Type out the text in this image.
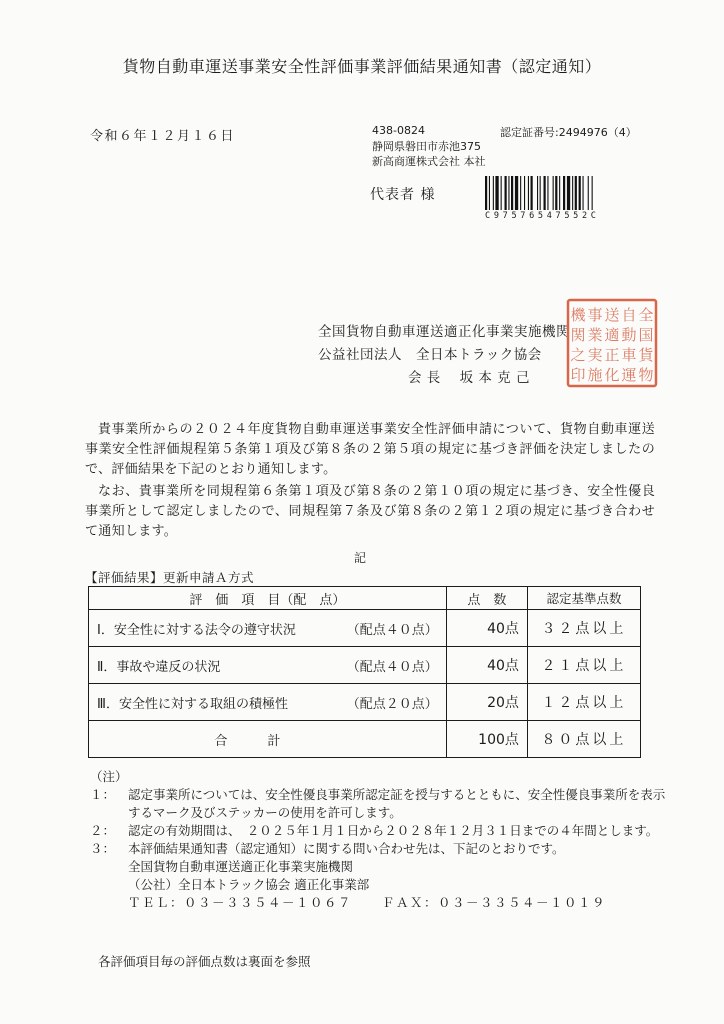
貨物自動車運送事業安全性評価事業評価結果通知書（認定通知）
令和６年１２月１６日	438-0824	認定証番号:2494976（4）
静岡県磐田市赤池375
新高商運株式会社 本社
代表者 様
C97576547552C
全国貨物自動車運送適正化事業実施機関
公益社団法人　全日本トラック協会
会 長　 坂 本 克 己
全
国
貨
物
自
動
車
運
送
適
正
化
事
業
実
施
機
関
之
印
貴事業所からの２０２４年度貨物自動車運送事業安全性評価申請について、貨物自動車運送事業安全性評価規程第５条第１項及び第８条の２第５項の規定に基づき評価を決定しましたので、評価結果を下記のとおり通知します。
なお、貴事業所を同規程第６条第１項及び第８条の２第１０項の規定に基づき、安全性優良事業所として認定しましたので、同規程第７条及び第８条の２第１２項の規定に基づき合わせて通知します。
記
【評価結果】更新申請Ａ方式
評　価　項　目（配　点）	点　数	認定基準点数

Ⅰ．安全性に対する法令の遵守状況 （配点４０点）	40点	３２点以上

Ⅱ．事故や違反の状況 （配点４０点）	40点	２１点以上

Ⅲ．安全性に対する取組の積極性 （配点２０点）	20点	１２点以上
合計	100点	８０点以上
（注）
１：	認定事業所については、安全性優良事業所認定証を授与するとともに、安全性優良事業所を表示するマーク及びステッカーの使用を許可します。
２：	認定の有効期間は、　２０２５年１月１日から２０２８年１２月３１日までの４年間とします。
３：	本評価結果通知書（認定通知）に関する問い合わせ先は、下記のとおりです。
全国貨物自動車運送適正化事業実施機関
（公社）全日本トラック協会 適正化事業部
ＴＥＬ：０３－３３５４－１０６７ ＦＡＸ：０３－３３５４－１０１９
各評価項目毎の評価点数は裏面を参照
